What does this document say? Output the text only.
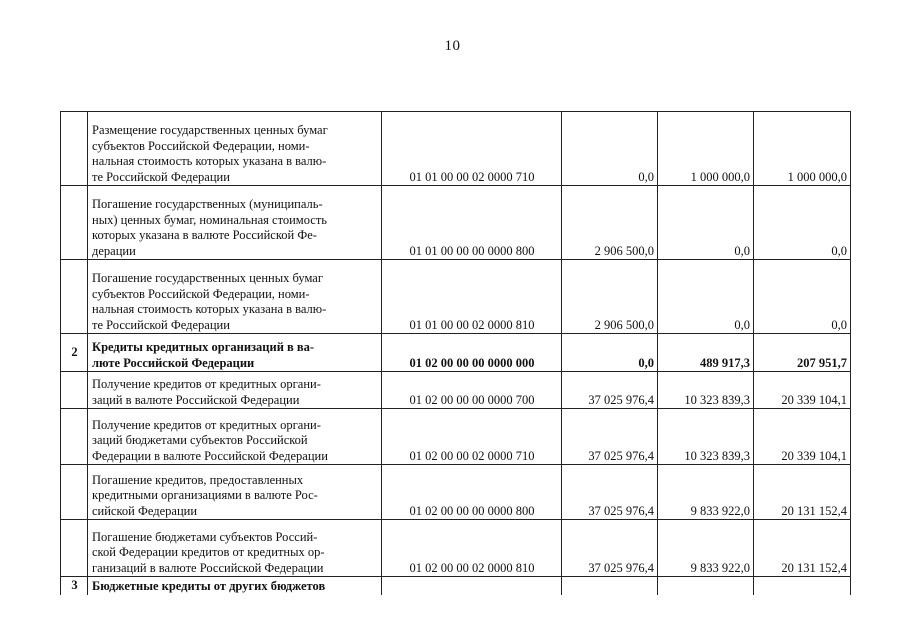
10
	Размещение государственных ценных бумаг
субъектов Российской Федерации, номи-
нальная стоимость которых указана в валю-
те Российской Федерации	01 01 00 00 02 0000 710	0,0	1 000 000,0	1 000 000,0
	Погашение государственных (муниципаль-
ных) ценных бумаг, номинальная стоимость
которых указана в валюте Российской Фе-
дерации	01 01 00 00 00 0000 800	2 906 500,0	0,0	0,0
	Погашение государственных ценных бумаг
субъектов Российской Федерации, номи-
нальная стоимость которых указана в валю-
те Российской Федерации	01 01 00 00 02 0000 810	2 906 500,0	0,0	0,0
2	Кредиты кредитных организаций в ва-
люте Российской Федерации	01 02 00 00 00 0000 000	0,0	489 917,3	207 951,7
	Получение кредитов от кредитных органи-
заций в валюте Российской Федерации	01 02 00 00 00 0000 700	37 025 976,4	10 323 839,3	20 339 104,1
	Получение кредитов от кредитных органи-
заций бюджетами субъектов Российской
Федерации в валюте Российской Федерации	01 02 00 00 02 0000 710	37 025 976,4	10 323 839,3	20 339 104,1
	Погашение кредитов, предоставленных
кредитными организациями в валюте Рос-
сийской Федерации	01 02 00 00 00 0000 800	37 025 976,4	9 833 922,0	20 131 152,4
	Погашение бюджетами субъектов Россий-
ской Федерации кредитов от кредитных ор-
ганизаций в валюте Российской Федерации	01 02 00 00 02 0000 810	37 025 976,4	9 833 922,0	20 131 152,4
3	Бюджетные кредиты от других бюджетов				
